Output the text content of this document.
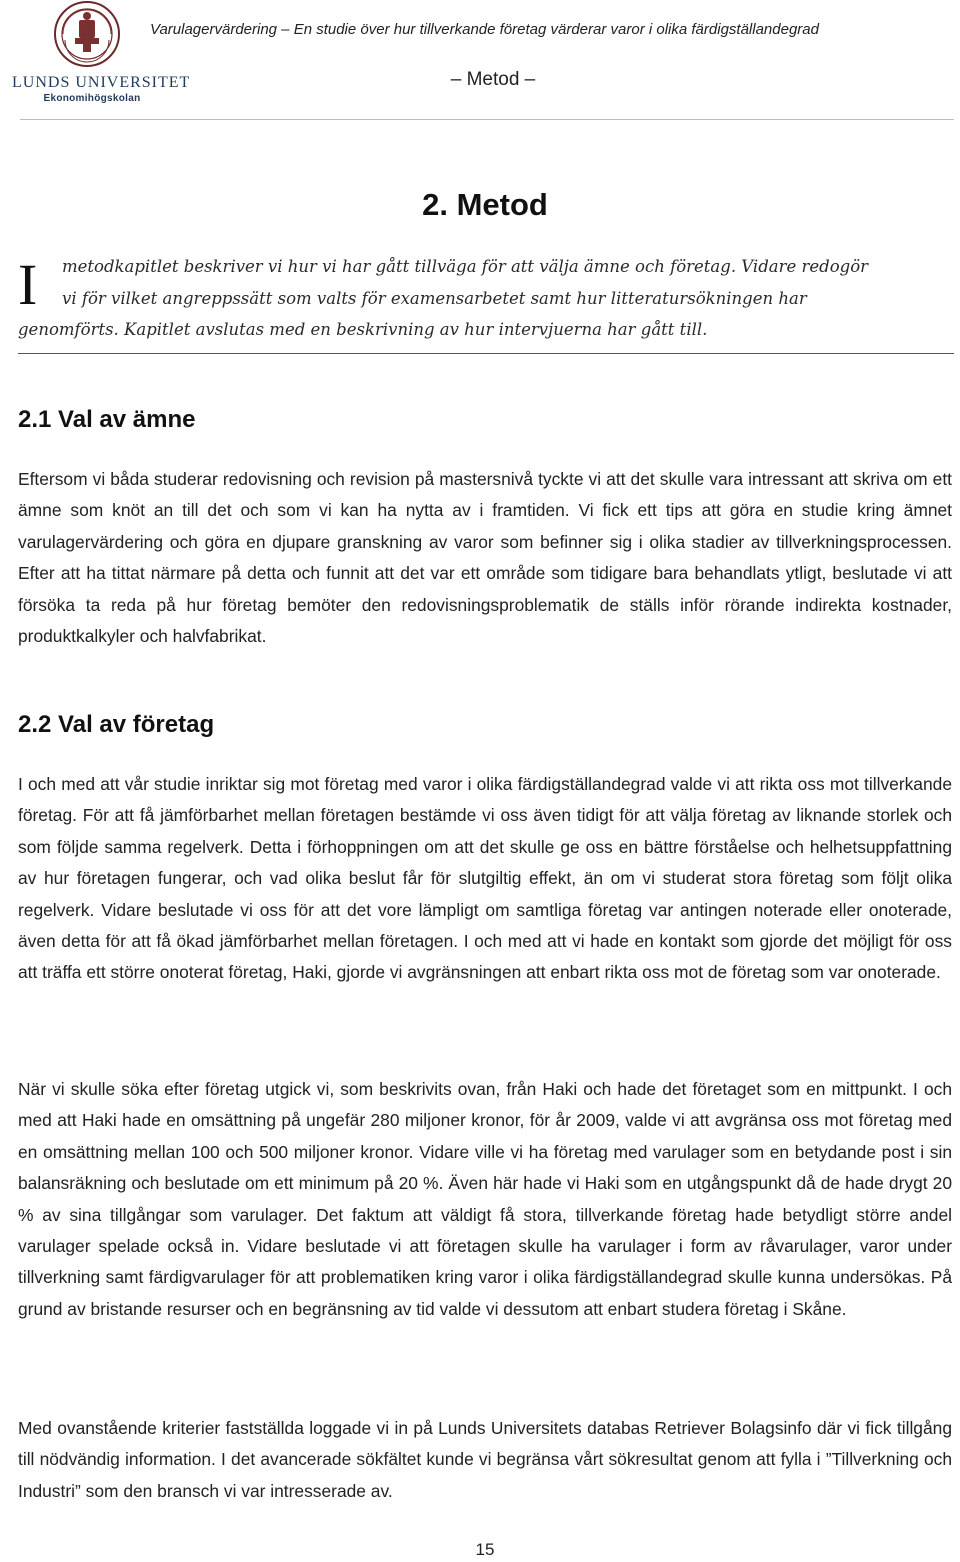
LUNDS UNIVERSITET
Ekonomihögskolan
Varulagervärdering – En studie över hur tillverkande företag värderar varor i olika färdigställandegrad
– Metod –
2. Metod
I metodkapitlet beskriver vi hur vi har gått tillväga för att välja ämne och företag. Vidare redogör
vi för vilket angreppssätt som valts för examensarbetet samt hur litteratursökningen har
genomförts. Kapitlet avslutas med en beskrivning av hur intervjuerna har gått till.
2.1 Val av ämne
Eftersom vi båda studerar redovisning och revision på mastersnivå tyckte vi att det skulle vara intressant att skriva om ett ämne som knöt an till det och som vi kan ha nytta av i framtiden. Vi fick ett tips att göra en studie kring ämnet varulagervärdering och göra en djupare granskning av varor som befinner sig i olika stadier av tillverkningsprocessen. Efter att ha tittat närmare på detta och funnit att det var ett område som tidigare bara behandlats ytligt, beslutade vi att försöka ta reda på hur företag bemöter den redovisningsproblematik de ställs inför rörande indirekta kostnader, produktkalkyler och halvfabrikat.
2.2 Val av företag
I och med att vår studie inriktar sig mot företag med varor i olika färdigställandegrad valde vi att rikta oss mot tillverkande företag. För att få jämförbarhet mellan företagen bestämde vi oss även tidigt för att välja företag av liknande storlek och som följde samma regelverk. Detta i förhoppningen om att det skulle ge oss en bättre förståelse och helhetsuppfattning av hur företagen fungerar, och vad olika beslut får för slutgiltig effekt, än om vi studerat stora företag som följt olika regelverk. Vidare beslutade vi oss för att det vore lämpligt om samtliga företag var antingen noterade eller onoterade, även detta för att få ökad jämförbarhet mellan företagen. I och med att vi hade en kontakt som gjorde det möjligt för oss att träffa ett större onoterat företag, Haki, gjorde vi avgränsningen att enbart rikta oss mot de företag som var onoterade.
När vi skulle söka efter företag utgick vi, som beskrivits ovan, från Haki och hade det företaget som en mittpunkt. I och med att Haki hade en omsättning på ungefär 280 miljoner kronor, för år 2009, valde vi att avgränsa oss mot företag med en omsättning mellan 100 och 500 miljoner kronor. Vidare ville vi ha företag med varulager som en betydande post i sin balansräkning och beslutade om ett minimum på 20 %. Även här hade vi Haki som en utgångspunkt då de hade drygt 20 % av sina tillgångar som varulager. Det faktum att väldigt få stora, tillverkande företag hade betydligt större andel varulager spelade också in. Vidare beslutade vi att företagen skulle ha varulager i form av råvarulager, varor under tillverkning samt färdigvarulager för att problematiken kring varor i olika färdigställandegrad skulle kunna undersökas. På grund av bristande resurser och en begränsning av tid valde vi dessutom att enbart studera företag i Skåne.
Med ovanstående kriterier fastställda loggade vi in på Lunds Universitets databas Retriever Bolagsinfo där vi fick tillgång till nödvändig information. I det avancerade sökfältet kunde vi begränsa vårt sökresultat genom att fylla i ”Tillverkning och Industri” som den bransch vi var intresserade av.
15
